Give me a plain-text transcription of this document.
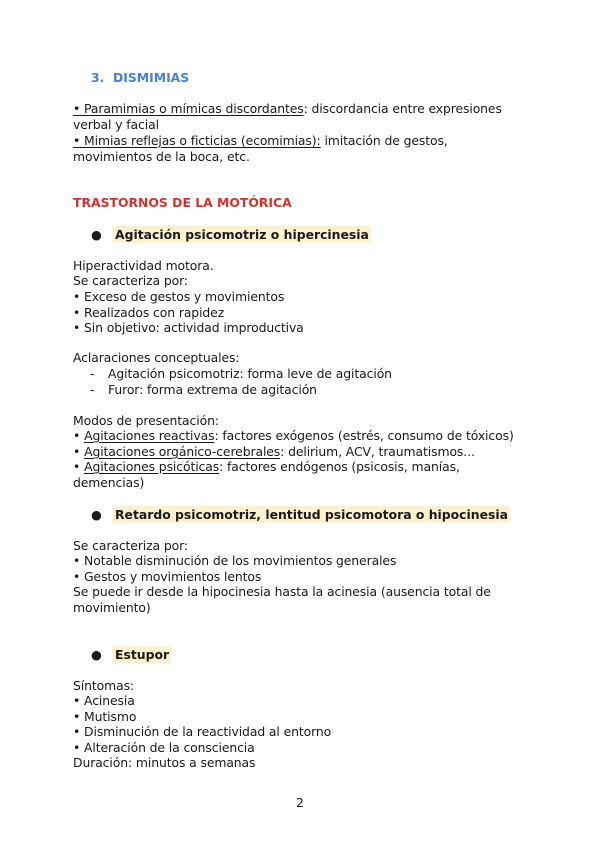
3. DISMIMIAS
• Paramimias o mímicas discordantes: discordancia entre expresiones
verbal y facial
• Mimias reflejas o ficticias (ecomimias): imitación de gestos,
movimientos de la boca, etc.
TRASTORNOS DE LA MOTÓRICA
● Agitación psicomotriz o hipercinesia
Hiperactividad motora.
Se caracteriza por:
• Exceso de gestos y movimientos
• Realizados con rapidez
• Sin objetivo: actividad improductiva
Aclaraciones conceptuales:
- Agitación psicomotriz: forma leve de agitación
- Furor: forma extrema de agitación
Modos de presentación:
• Agitaciones reactivas: factores exógenos (estrés, consumo de tóxicos)
• Agitaciones orgánico-cerebrales: delirium, ACV, traumatismos...
• Agitaciones psicóticas: factores endógenos (psicosis, manías,
demencias)
● Retardo psicomotriz, lentitud psicomotora o hipocinesia
Se caracteriza por:
• Notable disminución de los movimientos generales
• Gestos y movimientos lentos
Se puede ir desde la hipocinesia hasta la acinesia (ausencia total de
movimiento)
● Estupor
Síntomas:
• Acinesia
• Mutismo
• Disminución de la reactividad al entorno
• Alteración de la consciencia
Duración: minutos a semanas
2
